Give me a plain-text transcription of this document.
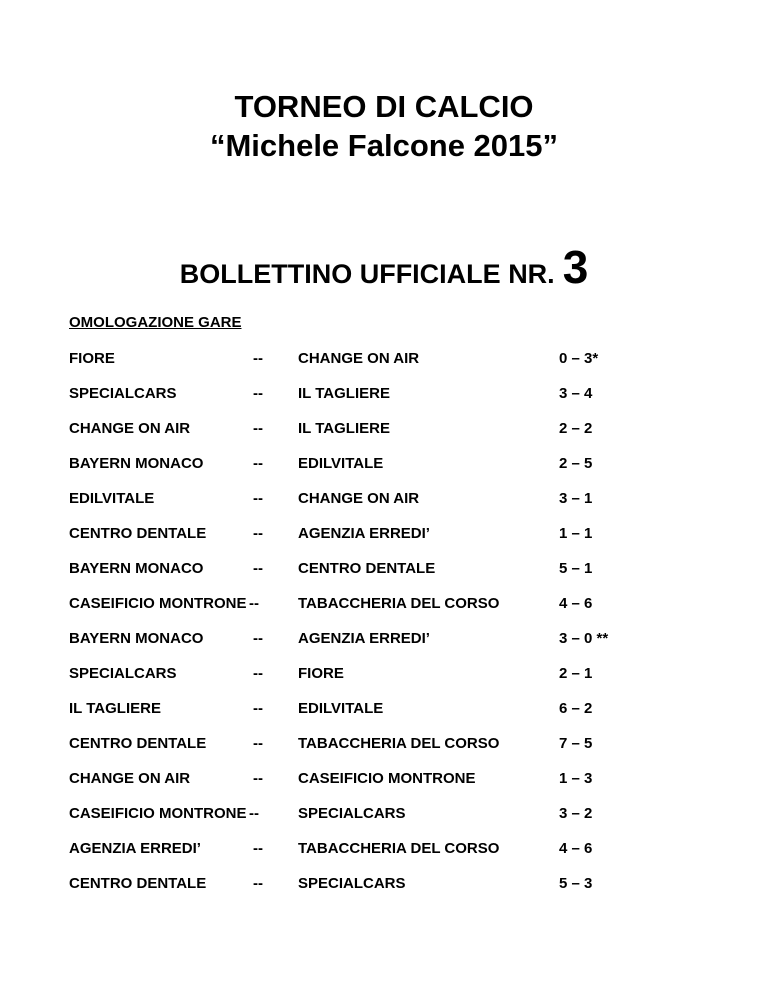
TORNEO DI CALCIO
“Michele Falcone 2015”
BOLLETTINO UFFICIALE NR. 3
OMOLOGAZIONE GARE
FIORE	-- CHANGE ON AIR	0 – 3*
SPECIALCARS	-- IL TAGLIERE	3 – 4
CHANGE ON AIR	-- IL TAGLIERE	2 – 2
BAYERN MONACO	-- EDILVITALE	2 – 5
EDILVITALE	-- CHANGE ON AIR	3 – 1
CENTRO DENTALE	-- AGENZIA ERREDI’	1 – 1
BAYERN MONACO	-- CENTRO DENTALE	5 – 1
CASEIFICIO MONTRONE --	TABACCHERIA DEL CORSO	4 – 6
BAYERN MONACO	-- AGENZIA ERREDI’	3 – 0 **
SPECIALCARS	-- FIORE	2 – 1
IL TAGLIERE	-- EDILVITALE	6 – 2
CENTRO DENTALE	-- TABACCHERIA DEL CORSO	7 – 5
CHANGE ON AIR	-- CASEIFICIO MONTRONE	1 – 3
CASEIFICIO MONTRONE --	SPECIALCARS	3 – 2
AGENZIA ERREDI’	-- TABACCHERIA DEL CORSO	4 – 6
CENTRO DENTALE	-- SPECIALCARS	5 – 3
